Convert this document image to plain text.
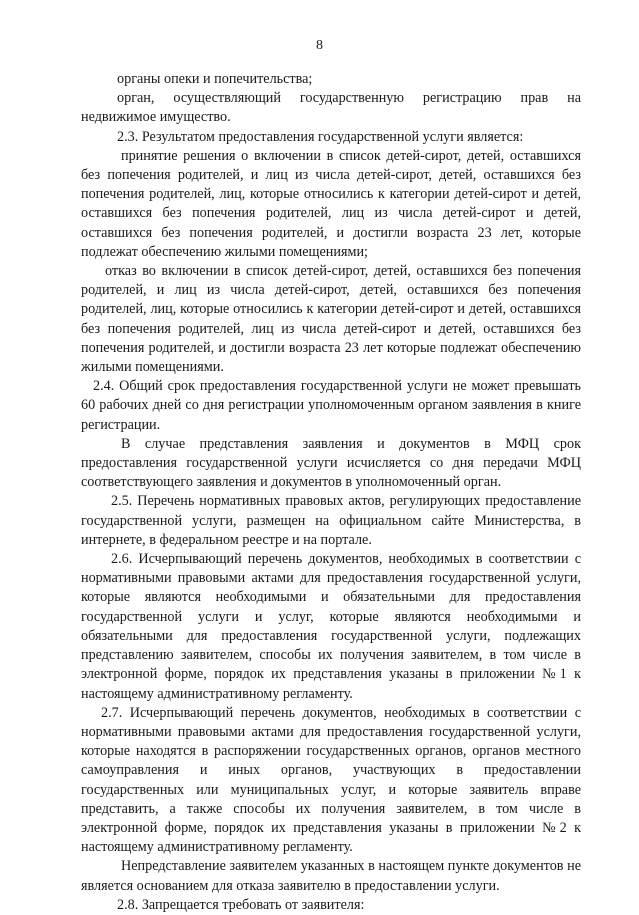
8

органы опеки и попечительства;

орган, осуществляющий государственную регистрацию прав на недвижимое имущество.

2.3. Результатом предоставления государственной услуги является:

принятие решения о включении в список детей-сирот, детей, оставшихся без попечения родителей, и лиц из числа детей-сирот, детей, оставшихся без попечения родителей, лиц, которые относились к категории детей-сирот и детей, оставшихся без попечения родителей, лиц из числа детей-сирот и детей, оставшихся без попечения родителей, и достигли возраста 23 лет, которые подлежат обеспечению жилыми помещениями;

отказ во включении в список детей-сирот, детей, оставшихся без попечения родителей, и лиц из числа детей-сирот, детей, оставшихся без попечения родителей, лиц, которые относились к категории детей-сирот и детей, оставшихся без попечения родителей, лиц из числа детей-сирот и детей, оставшихся без попечения родителей, и достигли возраста 23 лет которые подлежат обеспечению жилыми помещениями.

2.4. Общий срок предоставления государственной услуги не может превышать 60 рабочих дней со дня регистрации уполномоченным органом заявления в книге регистрации.

В случае представления заявления и документов в МФЦ срок предоставления государственной услуги исчисляется со дня передачи МФЦ соответствующего заявления и документов в уполномоченный орган.

2.5. Перечень нормативных правовых актов, регулирующих предоставление государственной услуги, размещен на официальном сайте Министерства, в интернете, в федеральном реестре и на портале.

2.6. Исчерпывающий перечень документов, необходимых в соответствии с нормативными правовыми актами для предоставления государственной услуги, которые являются необходимыми и обязательными для предоставления государственной услуги и услуг, которые являются необходимыми и обязательными для предоставления государственной услуги, подлежащих представлению заявителем, способы их получения заявителем, в том числе в электронной форме, порядок их представления указаны в приложении №1 к настоящему административному регламенту.

2.7. Исчерпывающий перечень документов, необходимых в соответствии с нормативными правовыми актами для предоставления государственной услуги, которые находятся в распоряжении государственных органов, органов местного самоуправления и иных органов, участвующих в предоставлении государственных или муниципальных услуг, и которые заявитель вправе представить, а также способы их получения заявителем, в том числе в электронной форме, порядок их представления указаны в приложении №2 к настоящему административному регламенту.

Непредставление заявителем указанных в настоящем пункте документов не является основанием для отказа заявителю в предоставлении услуги.

2.8. Запрещается требовать от заявителя:
